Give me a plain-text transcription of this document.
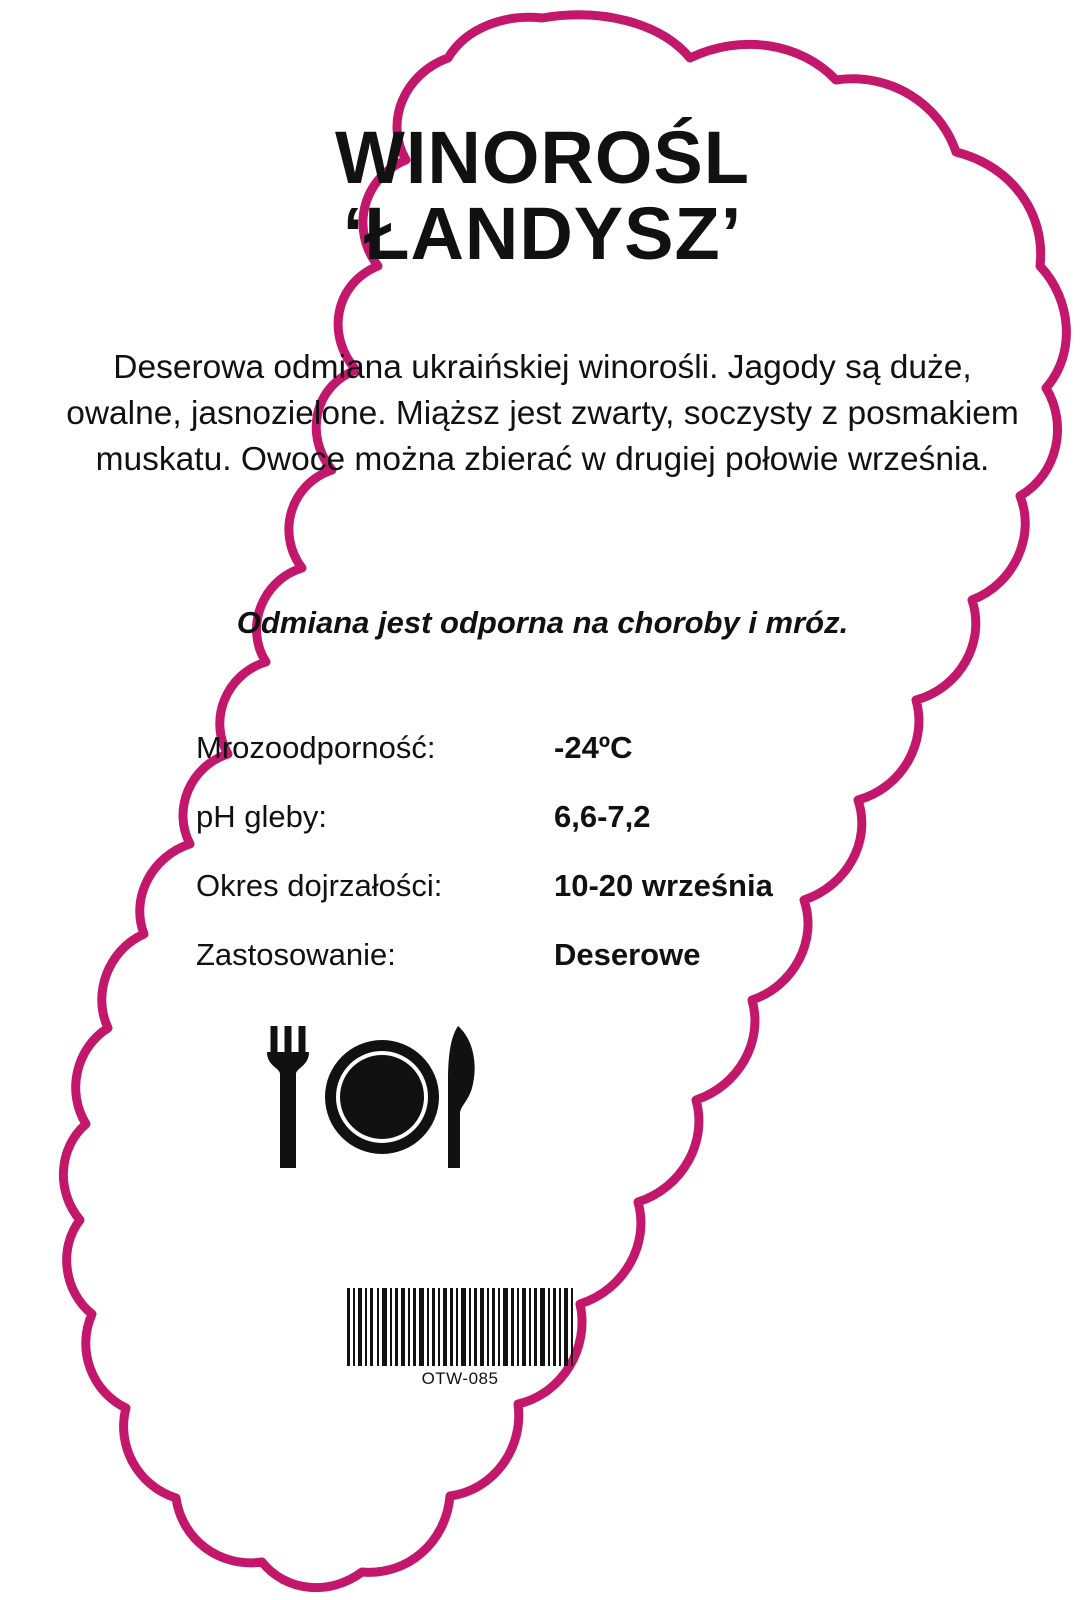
WINOROŚL
‘ŁANDYSZ’
Deserowa odmiana ukraińskiej winorośli. Jagody są duże, owalne, jasnozielone. Miąższ jest zwarty, soczysty z posmakiem muskatu. Owoce można zbierać w drugiej połowie września.
Odmiana jest odporna na choroby i mróz.
Mrozoodporność:	-24ºC
pH gleby:	6,6-7,2
Okres dojrzałości:	10-20 września
Zastosowanie:	Deserowe
OTW-085
